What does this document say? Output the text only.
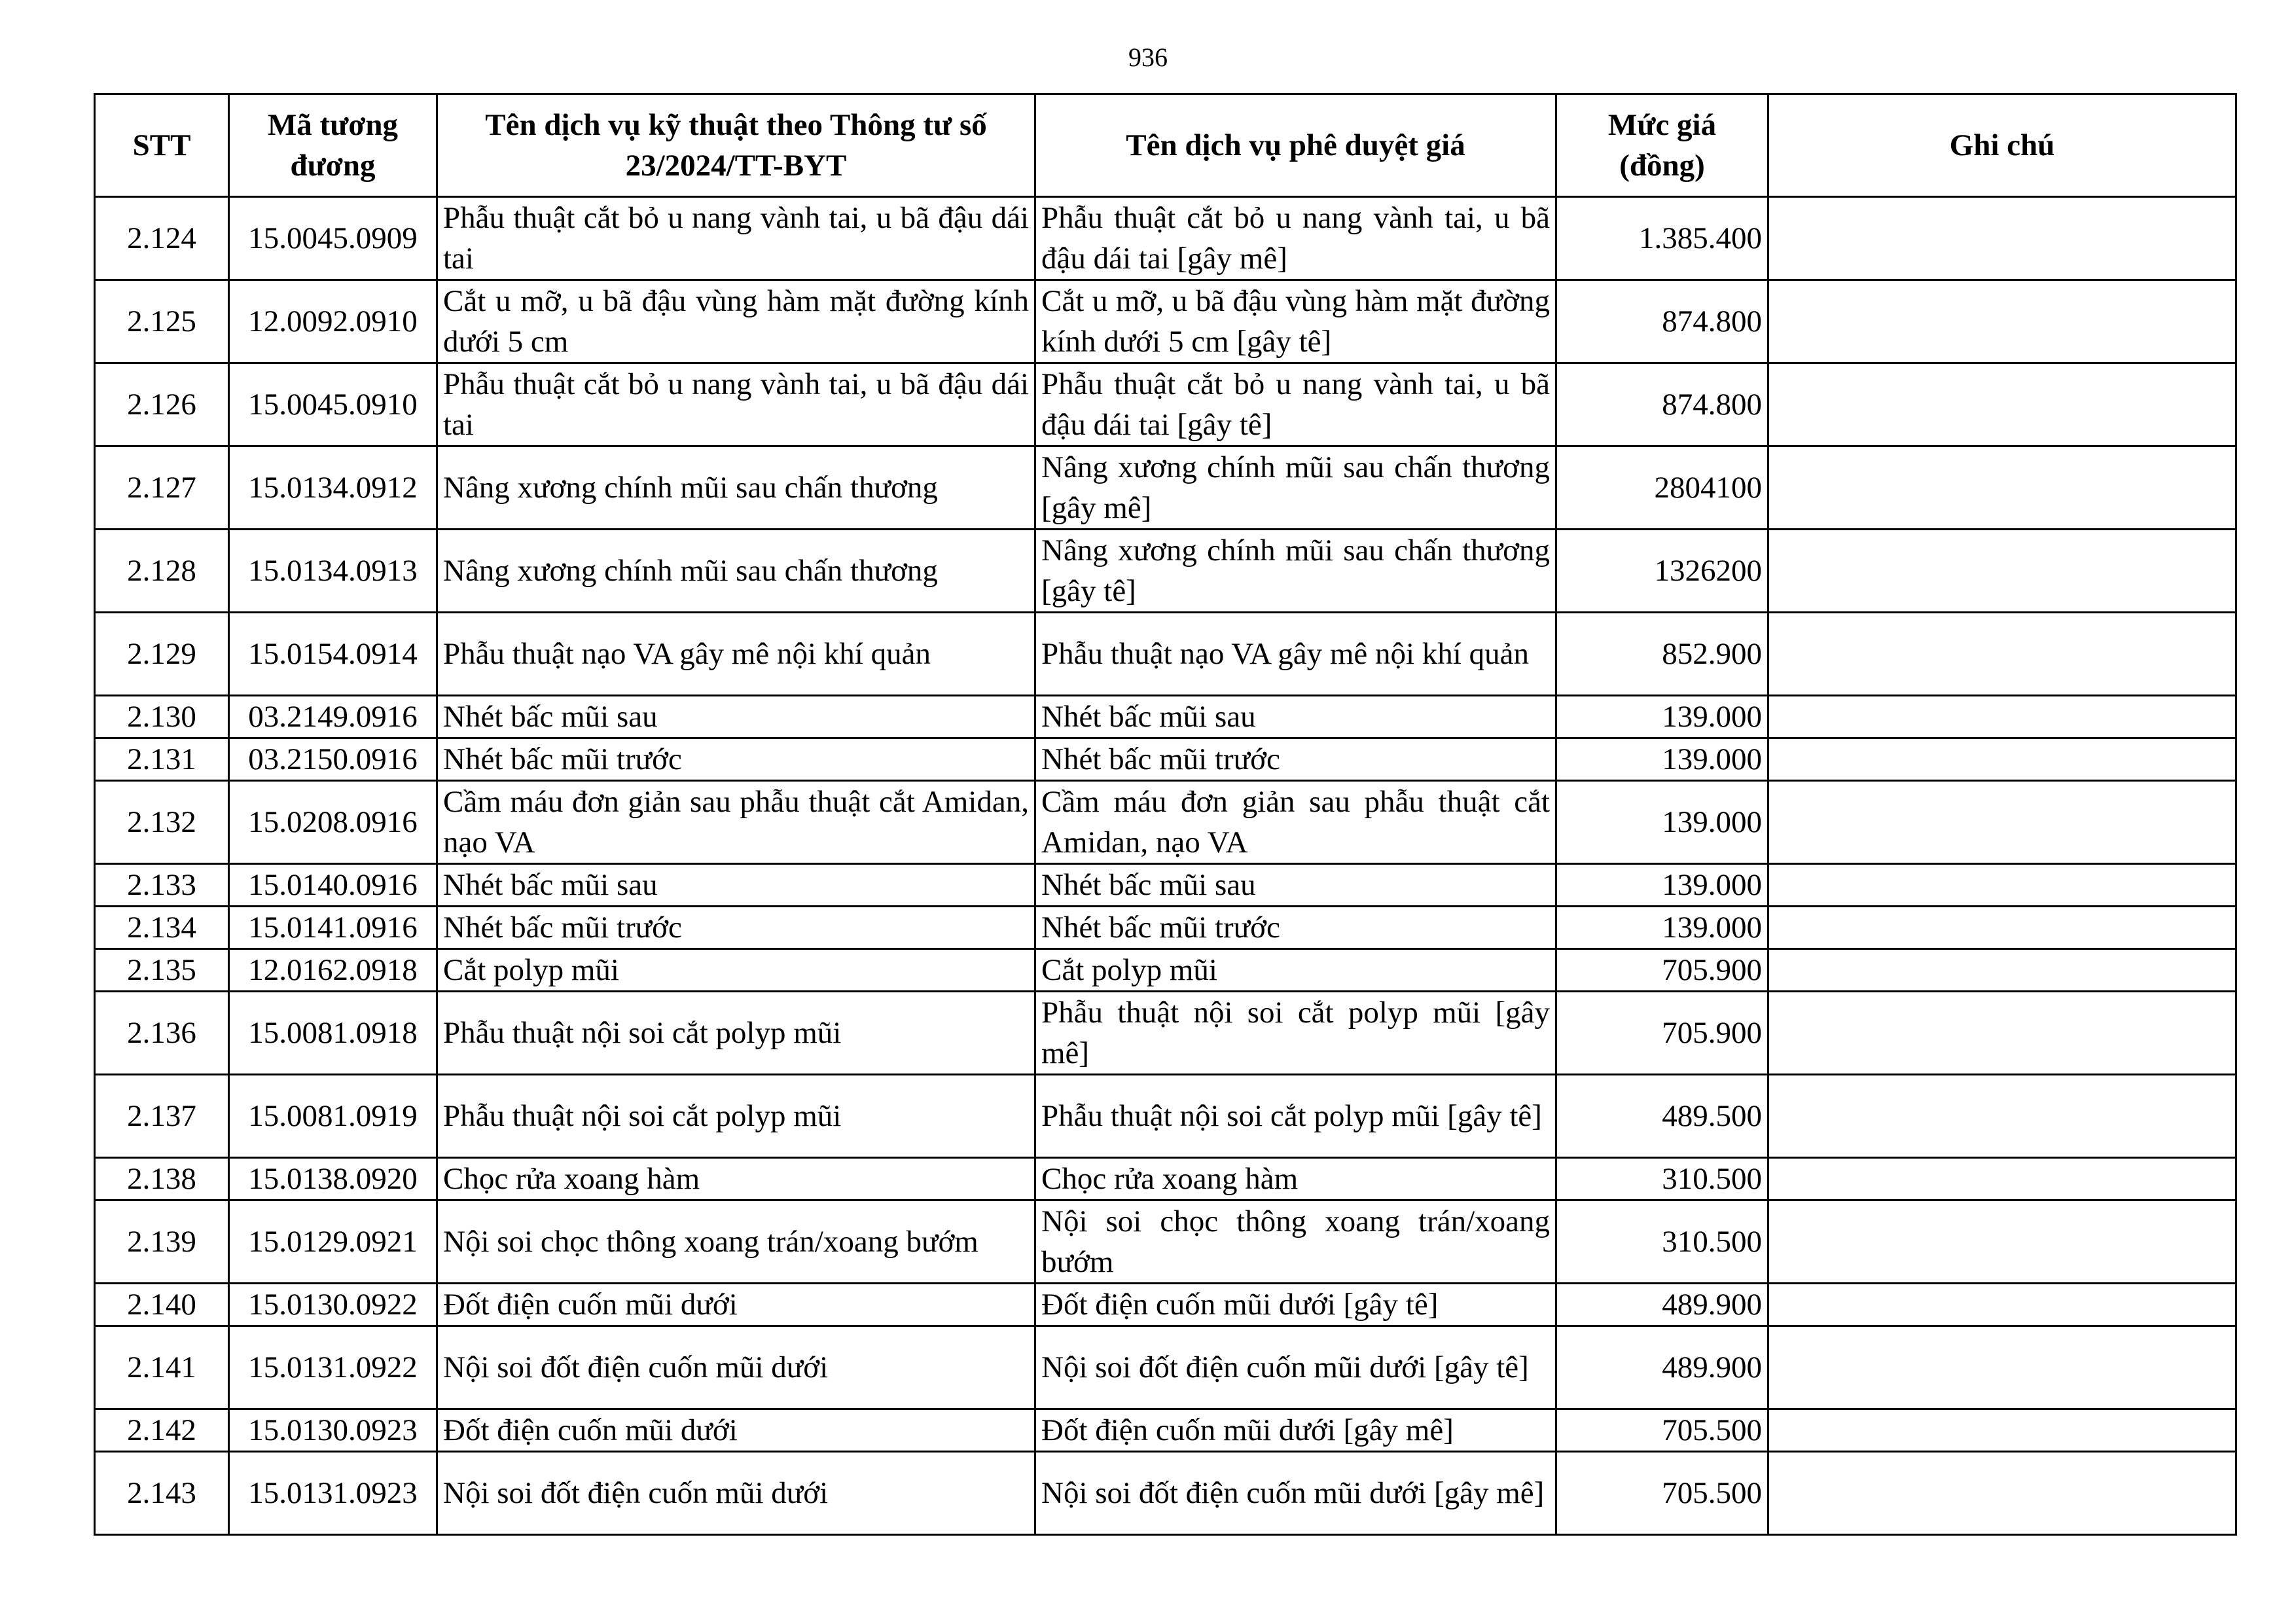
936
STT	Mã tương đương	Tên dịch vụ kỹ thuật theo Thông tư số 23/2024/TT-BYT	Tên dịch vụ phê duyệt giá	Mức giá (đồng)	Ghi chú
2.124	15.0045.0909	Phẫu thuật cắt bỏ u nang vành tai, u bã đậu dái tai	Phẫu thuật cắt bỏ u nang vành tai, u bã đậu dái tai [gây mê]	1.385.400	
2.125	12.0092.0910	Cắt u mỡ, u bã đậu vùng hàm mặt đường kính dưới 5 cm	Cắt u mỡ, u bã đậu vùng hàm mặt đường kính dưới 5 cm [gây tê]	874.800	
2.126	15.0045.0910	Phẫu thuật cắt bỏ u nang vành tai, u bã đậu dái tai	Phẫu thuật cắt bỏ u nang vành tai, u bã đậu dái tai [gây tê]	874.800	
2.127	15.0134.0912	Nâng xương chính mũi sau chấn thương	Nâng xương chính mũi sau chấn thương [gây mê]	2804100	
2.128	15.0134.0913	Nâng xương chính mũi sau chấn thương	Nâng xương chính mũi sau chấn thương [gây tê]	1326200	
2.129	15.0154.0914	Phẫu thuật nạo VA gây mê nội khí quản	Phẫu thuật nạo VA gây mê nội khí quản	852.900	
2.130	03.2149.0916	Nhét bấc mũi sau	Nhét bấc mũi sau	139.000	
2.131	03.2150.0916	Nhét bấc mũi trước	Nhét bấc mũi trước	139.000	
2.132	15.0208.0916	Cầm máu đơn giản sau phẫu thuật cắt Amidan, nạo VA	Cầm máu đơn giản sau phẫu thuật cắt Amidan, nạo VA	139.000	
2.133	15.0140.0916	Nhét bấc mũi sau	Nhét bấc mũi sau	139.000	
2.134	15.0141.0916	Nhét bấc mũi trước	Nhét bấc mũi trước	139.000	
2.135	12.0162.0918	Cắt polyp mũi	Cắt polyp mũi	705.900	
2.136	15.0081.0918	Phẫu thuật nội soi cắt polyp mũi	Phẫu thuật nội soi cắt polyp mũi [gây mê]	705.900	
2.137	15.0081.0919	Phẫu thuật nội soi cắt polyp mũi	Phẫu thuật nội soi cắt polyp mũi [gây tê]	489.500	
2.138	15.0138.0920	Chọc rửa xoang hàm	Chọc rửa xoang hàm	310.500	
2.139	15.0129.0921	Nội soi chọc thông xoang trán/xoang bướm	Nội soi chọc thông xoang trán/xoang bướm	310.500	
2.140	15.0130.0922	Đốt điện cuốn mũi dưới	Đốt điện cuốn mũi dưới [gây tê]	489.900	
2.141	15.0131.0922	Nội soi đốt điện cuốn mũi dưới	Nội soi đốt điện cuốn mũi dưới [gây tê]	489.900	
2.142	15.0130.0923	Đốt điện cuốn mũi dưới	Đốt điện cuốn mũi dưới [gây mê]	705.500	
2.143	15.0131.0923	Nội soi đốt điện cuốn mũi dưới	Nội soi đốt điện cuốn mũi dưới [gây mê]	705.500	
